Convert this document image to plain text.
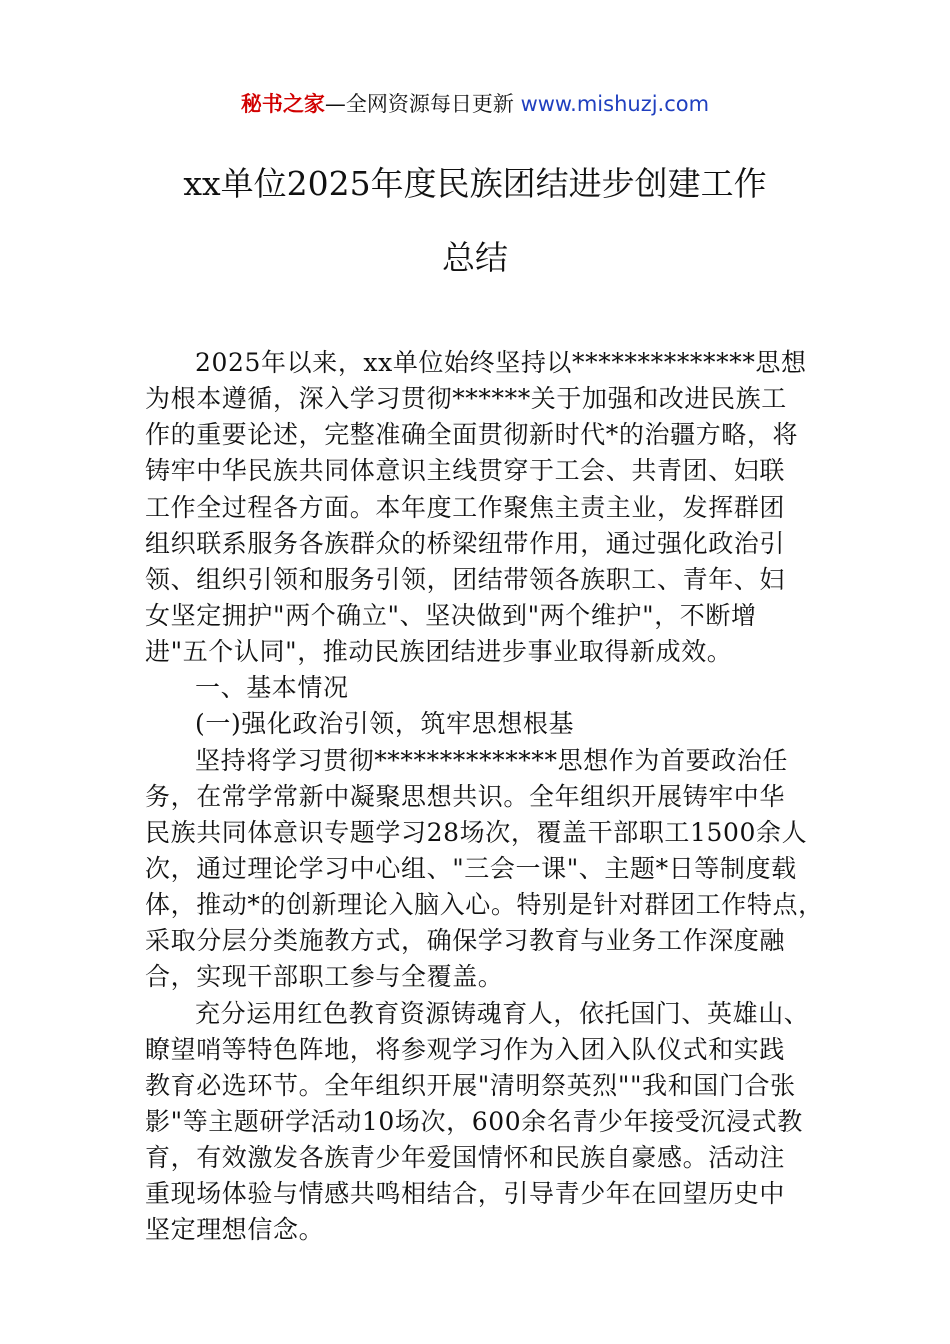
秘书之家—全网资源每日更新 www.mishuzj.com
xx单位2025年度民族团结进步创建工作
总结
2025年以来，xx单位始终坚持以**************思想
为根本遵循，深入学习贯彻******关于加强和改进民族工
作的重要论述，完整准确全面贯彻新时代*的治疆方略，将
铸牢中华民族共同体意识主线贯穿于工会、共青团、妇联
工作全过程各方面。本年度工作聚焦主责主业，发挥群团
组织联系服务各族群众的桥梁纽带作用，通过强化政治引
领、组织引领和服务引领，团结带领各族职工、青年、妇
女坚定拥护"两个确立"、坚决做到"两个维护"，不断增
进"五个认同"，推动民族团结进步事业取得新成效。
一、基本情况
(一)强化政治引领，筑牢思想根基
坚持将学习贯彻**************思想作为首要政治任
务，在常学常新中凝聚思想共识。全年组织开展铸牢中华
民族共同体意识专题学习28场次，覆盖干部职工1500余人
次，通过理论学习中心组、"三会一课"、主题*日等制度载
体，推动*的创新理论入脑入心。特别是针对群团工作特点，
采取分层分类施教方式，确保学习教育与业务工作深度融
合，实现干部职工参与全覆盖。
充分运用红色教育资源铸魂育人，依托国门、英雄山、
瞭望哨等特色阵地，将参观学习作为入团入队仪式和实践
教育必选环节。全年组织开展"清明祭英烈""我和国门合张
影"等主题研学活动10场次，600余名青少年接受沉浸式教
育，有效激发各族青少年爱国情怀和民族自豪感。活动注
重现场体验与情感共鸣相结合，引导青少年在回望历史中
坚定理想信念。
